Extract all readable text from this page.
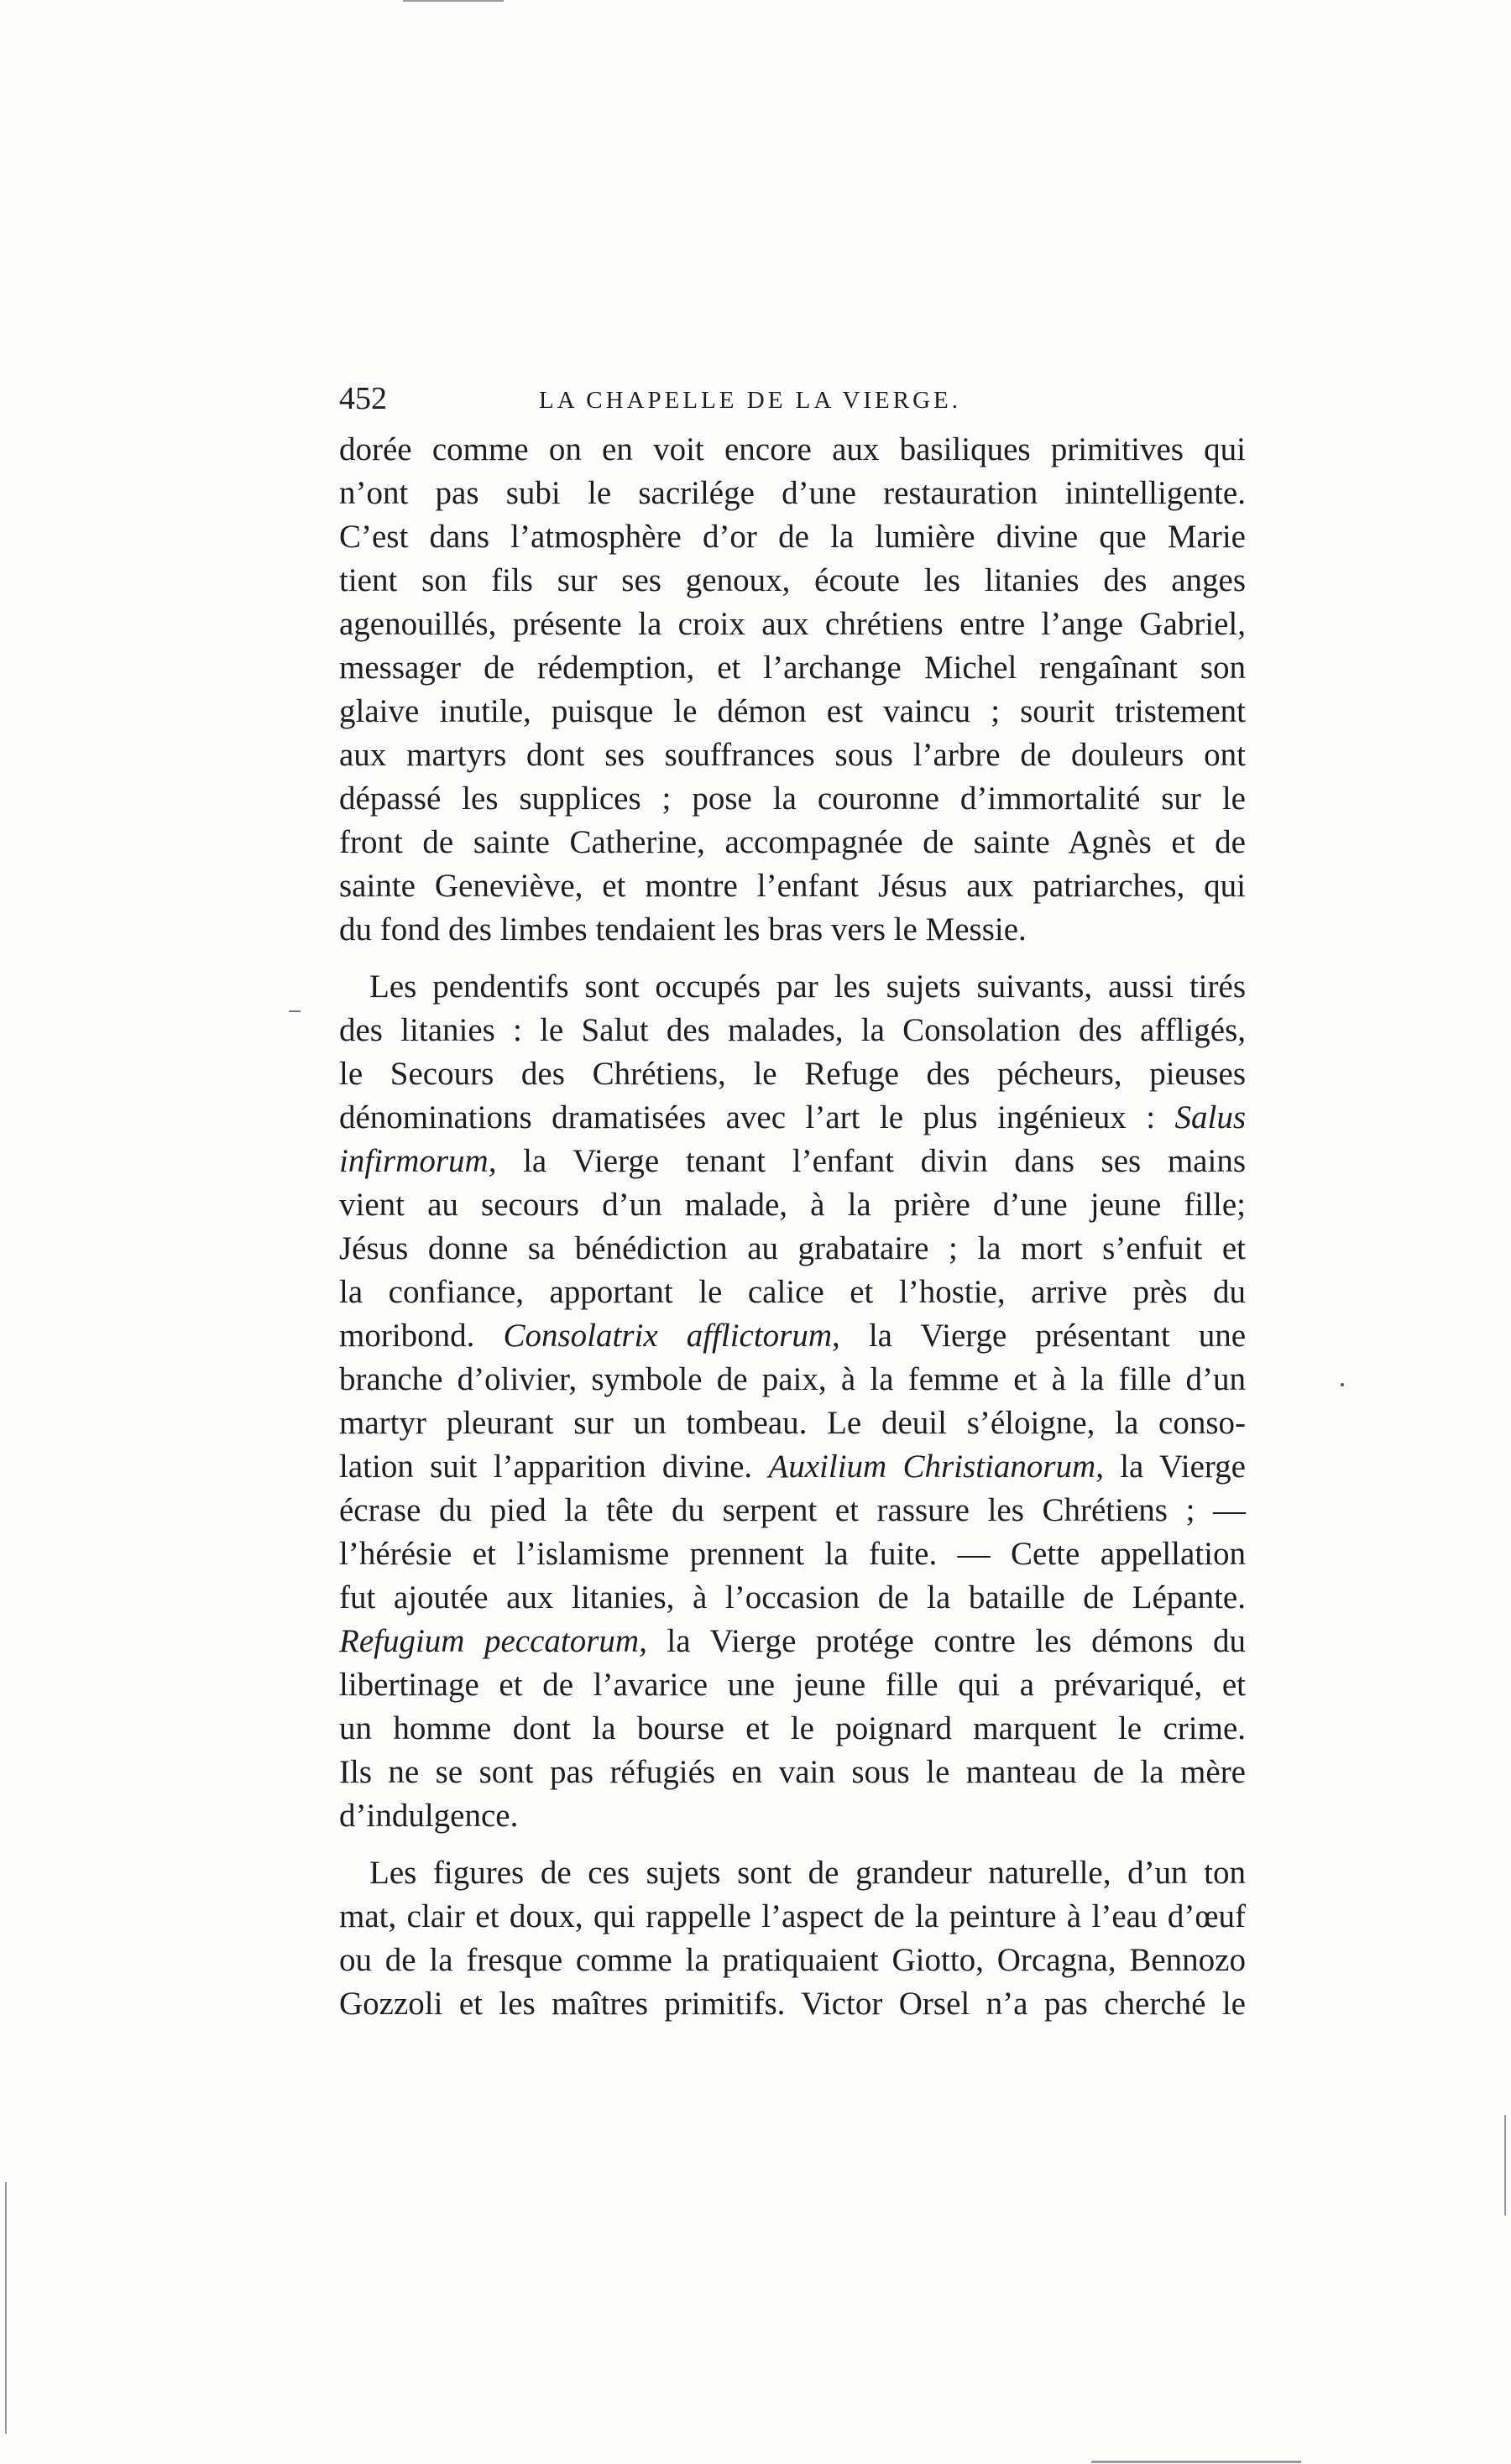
452	LA CHAPELLE DE LA VIERGE.
dorée comme on en voit encore aux basiliques primitives qui
n’ont pas subi le sacrilége d’une restauration inintelligente.
C’est dans l’atmosphère d’or de la lumière divine que Marie
tient son fils sur ses genoux, écoute les litanies des anges
agenouillés, présente la croix aux chrétiens entre l’ange Gabriel,
messager de rédemption, et l’archange Michel rengaînant son
glaive inutile, puisque le démon est vaincu ; sourit tristement
aux martyrs dont ses souffrances sous l’arbre de douleurs ont
dépassé les supplices ; pose la couronne d’immortalité sur le
front de sainte Catherine, accompagnée de sainte Agnès et de
sainte Geneviève, et montre l’enfant Jésus aux patriarches, qui
du fond des limbes tendaient les bras vers le Messie.
Les pendentifs sont occupés par les sujets suivants, aussi tirés
des litanies : le Salut des malades, la Consolation des affligés,
le Secours des Chrétiens, le Refuge des pécheurs, pieuses
dénominations dramatisées avec l’art le plus ingénieux : Salus
infirmorum, la Vierge tenant l’enfant divin dans ses mains
vient au secours d’un malade, à la prière d’une jeune fille;
Jésus donne sa bénédiction au grabataire ; la mort s’enfuit et
la confiance, apportant le calice et l’hostie, arrive près du
moribond. Consolatrix afflictorum, la Vierge présentant une
branche d’olivier, symbole de paix, à la femme et à la fille d’un
martyr pleurant sur un tombeau. Le deuil s’éloigne, la conso-
lation suit l’apparition divine. Auxilium Christianorum, la Vierge
écrase du pied la tête du serpent et rassure les Chrétiens ; —
l’hérésie et l’islamisme prennent la fuite. — Cette appellation
fut ajoutée aux litanies, à l’occasion de la bataille de Lépante.
Refugium peccatorum, la Vierge protége contre les démons du
libertinage et de l’avarice une jeune fille qui a prévariqué, et
un homme dont la bourse et le poignard marquent le crime.
Ils ne se sont pas réfugiés en vain sous le manteau de la mère
d’indulgence.
Les figures de ces sujets sont de grandeur naturelle, d’un ton
mat, clair et doux, qui rappelle l’aspect de la peinture à l’eau d’œuf
ou de la fresque comme la pratiquaient Giotto, Orcagna, Bennozo
Gozzoli et les maîtres primitifs. Victor Orsel n’a pas cherché le
